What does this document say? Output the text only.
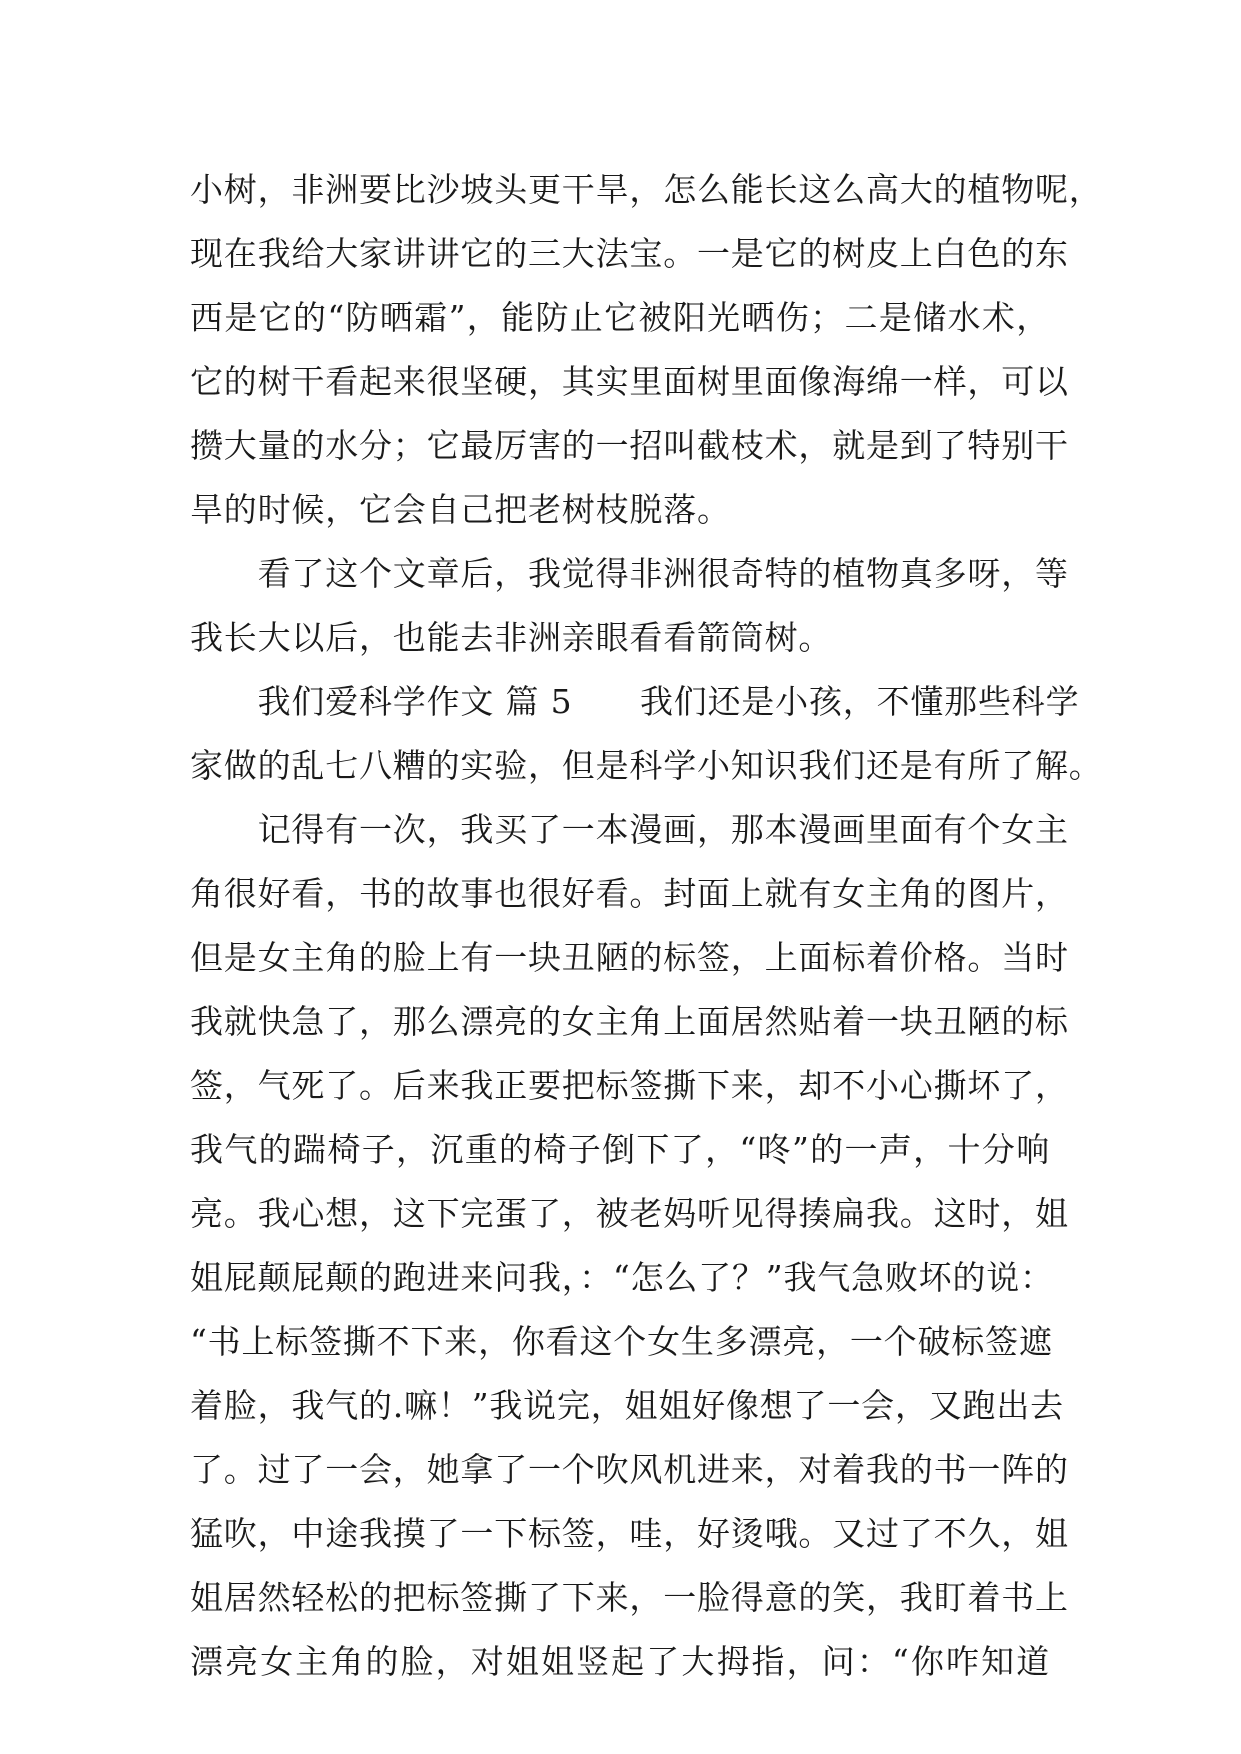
小树，非洲要比沙坡头更干旱，怎么能长这么高大的植物呢，
现在我给大家讲讲它的三大法宝。一是它的树皮上白色的东
西是它的“防晒霜”，能防止它被阳光晒伤；二是储水术，
它的树干看起来很坚硬，其实里面树里面像海绵一样，可以
攒大量的水分；它最厉害的一招叫截枝术，就是到了特别干
旱的时候，它会自己把老树枝脱落。
　　看了这个文章后，我觉得非洲很奇特的植物真多呀，等
我长大以后，也能去非洲亲眼看看箭筒树。
　　我们爱科学作文 篇 5　　我们还是小孩，不懂那些科学
家做的乱七八糟的实验，但是科学小知识我们还是有所了解。
　　记得有一次，我买了一本漫画，那本漫画里面有个女主
角很好看，书的故事也很好看。封面上就有女主角的图片，
但是女主角的脸上有一块丑陋的标签，上面标着价格。当时
我就快急了，那么漂亮的女主角上面居然贴着一块丑陋的标
签，气死了。后来我正要把标签撕下来，却不小心撕坏了，
我气的踹椅子，沉重的椅子倒下了，“咚”的一声，十分响
亮。我心想，这下完蛋了，被老妈听见得揍扁我。这时，姐
姐屁颠屁颠的跑进来问我，：“怎么了？”我气急败坏的说：
“书上标签撕不下来，你看这个女生多漂亮，一个破标签遮
着脸，我气的.嘛！”我说完，姐姐好像想了一会，又跑出去
了。过了一会，她拿了一个吹风机进来，对着我的书一阵的
猛吹，中途我摸了一下标签，哇，好烫哦。又过了不久，姐
姐居然轻松的把标签撕了下来，一脸得意的笑，我盯着书上
漂亮女主角的脸，对姐姐竖起了大拇指，问：“你咋知道
